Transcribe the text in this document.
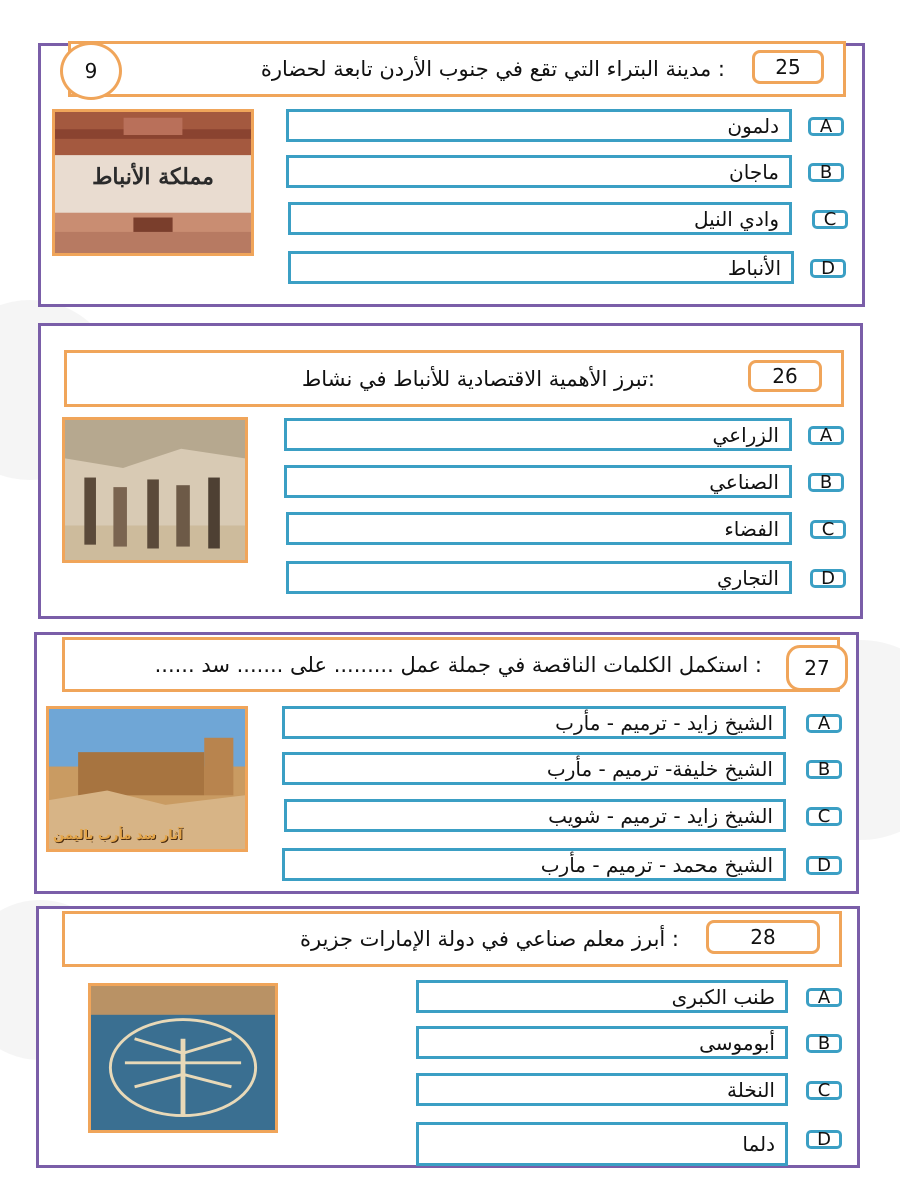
: مدينة البتراء التي تقع في جنوب الأردن تابعة لحضارة	25
9
مملكة الأنباط
دلمون	A
ماجان	B
وادي النيل	C
الأنباط	D
:تبرز الأهمية الاقتصادية للأنباط في نشاط	26
الزراعي	A
الصناعي	B
الفضاء	C
التجاري	D
: استكمل الكلمات الناقصة في جملة عمل ......... على ....... سد ......	27
آثار سد مأرب باليمن
الشيخ زايد - ترميم - مأرب	A
الشيخ خليفة- ترميم - مأرب	B
الشيخ زايد - ترميم - شويب	C
الشيخ محمد - ترميم - مأرب	D
: أبرز معلم صناعي في دولة الإمارات جزيرة	28
طنب الكبرى	A
أبوموسى	B
النخلة	C
دلما	D
